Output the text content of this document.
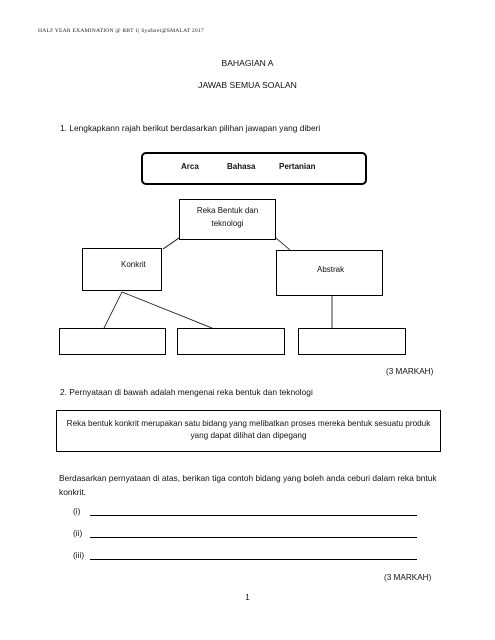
HALF YEAR EXAMINATION @ RBT 1| Syafarei@SMALAT 2017
BAHAGIAN A
JAWAB SEMUA SOALAN
1. Lengkapkann rajah berikut berdasarkan pilihan jawapan yang diberi
Arca	Bahasa	Pertanian
Reka Bentuk dan
teknologi
Konkrit
Abstrak
(3 MARKAH)
2. Pernyataan di bawah adalah mengenai reka bentuk dan teknologi
Reka bentuk konkrit merupakan satu bidang yang melibatkan proses mereka bentuk sesuatu produk
yang dapat dilihat dan dipegang
Berdasarkan pernyataan di atas, berikan tiga contoh bidang yang boleh anda ceburi dalam reka bntuk
konkrit.
(i)
(ii)
(iii)
(3 MARKAH)
1
